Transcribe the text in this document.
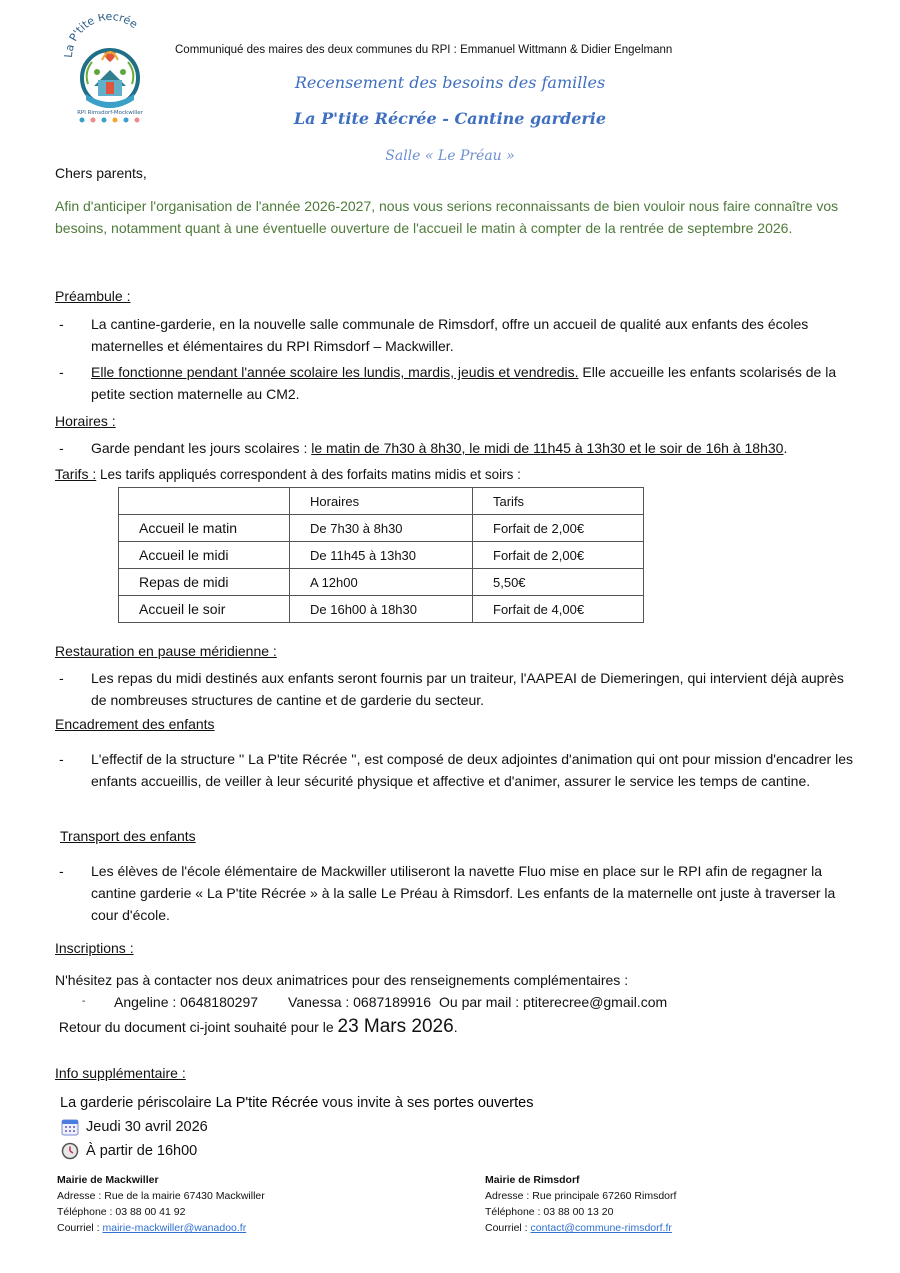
La P'tite Récrée
RPI Rimsdorf-Mockwiller
Communiqué des maires des deux communes du RPI : Emmanuel Wittmann & Didier Engelmann
Recensement des besoins des familles
La P'tite Récrée - Cantine garderie
Salle « Le Préau »
Chers parents,
Afin d'anticiper l'organisation de l'année 2026-2027, nous vous serions reconnaissants de bien vouloir nous faire connaître vos besoins, notamment quant à une éventuelle ouverture de l'accueil le matin à compter de la rentrée de septembre 2026.
Préambule :
-	La cantine-garderie, en la nouvelle salle communale de Rimsdorf, offre un accueil de qualité aux enfants des écoles maternelles et élémentaires du RPI Rimsdorf – Mackwiller.
-	Elle fonctionne pendant l'année scolaire les lundis, mardis, jeudis et vendredis. Elle accueille les enfants scolarisés de la petite section maternelle au CM2.
Horaires :
-	Garde pendant les jours scolaires : le matin de 7h30 à 8h30, le midi de 11h45 à 13h30 et le soir de 16h à 18h30.
Tarifs : Les tarifs appliqués correspondent à des forfaits matins midis et soirs :
	Horaires	Tarifs
Accueil le matin	De 7h30 à 8h30	Forfait de 2,00€
Accueil le midi	De 11h45 à 13h30	Forfait de 2,00€
Repas de midi	A 12h00	5,50€
Accueil le soir	De 16h00 à 18h30	Forfait de 4,00€
Restauration en pause méridienne :
-	Les repas du midi destinés aux enfants seront fournis par un traiteur, l'AAPEAI de Diemeringen, qui intervient déjà auprès de nombreuses structures de cantine et de garderie du secteur.
Encadrement des enfants
-	L'effectif de la structure '' La P'tite Récrée '', est composé de deux adjointes d'animation qui ont pour mission d'encadrer les enfants accueillis, de veiller à leur sécurité physique et affective et d'animer, assurer le service les temps de cantine.
Transport des enfants
-	Les élèves de l'école élémentaire de Mackwiller utiliseront la navette Fluo mise en place sur le RPI afin de regagner la cantine garderie « La P'tite Récrée » à la salle Le Préau à Rimsdorf. Les enfants de la maternelle ont juste à traverser la cour d'école.
Inscriptions :
N'hésitez pas à contacter nos deux animatrices pour des renseignements complémentaires :
-	Angeline : 0648180297 Vanessa : 0687189916 Ou par mail : ptiterecree@gmail.com
Retour du document ci-joint souhaité pour le 23 Mars 2026.
Info supplémentaire :
La garderie périscolaire La P'tite Récrée vous invite à ses portes ouvertes
Jeudi 30 avril 2026
À partir de 16h00
Mairie de Mackwiller
Adresse : Rue de la mairie 67430 Mackwiller
Téléphone : 03 88 00 41 92
Courriel : mairie-mackwiller@wanadoo.fr
Mairie de Rimsdorf
Adresse : Rue principale 67260 Rimsdorf
Téléphone : 03 88 00 13 20
Courriel : contact@commune-rimsdorf.fr
